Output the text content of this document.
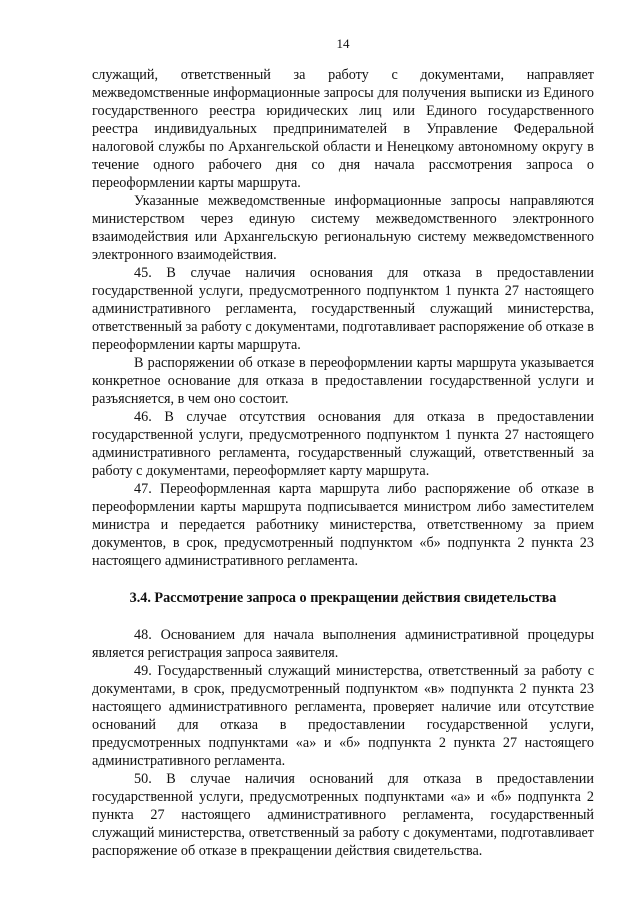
14

служащий, ответственный за работу с документами, направляет межведомственные информационные запросы для получения выписки из Единого государственного реестра юридических лиц или Единого государственного реестра индивидуальных предпринимателей в Управление Федеральной налоговой службы по Архангельской области и Ненецкому автономному округу в течение одного рабочего дня со дня начала рассмотрения запроса о переоформлении карты маршрута.

Указанные межведомственные информационные запросы направляются министерством через единую систему межведомственного электронного взаимодействия или Архангельскую региональную систему межведомственного электронного взаимодействия.

45. В случае наличия основания для отказа в предоставлении государственной услуги, предусмотренного подпунктом 1 пункта 27 настоящего административного регламента, государственный служащий министерства, ответственный за работу с документами, подготавливает распоряжение об отказе в переоформлении карты маршрута.

В распоряжении об отказе в переоформлении карты маршрута указывается конкретное основание для отказа в предоставлении государственной услуги и разъясняется, в чем оно состоит.

46. В случае отсутствия основания для отказа в предоставлении государственной услуги, предусмотренного подпунктом 1 пункта 27 настоящего административного регламента, государственный служащий, ответственный за работу с документами, переоформляет карту маршрута.

47. Переоформленная карта маршрута либо распоряжение об отказе в переоформлении карты маршрута подписывается министром либо заместителем министра и передается работнику министерства, ответственному за прием документов, в срок, предусмотренный подпунктом «б» подпункта 2 пункта 23 настоящего административного регламента.

3.4. Рассмотрение запроса о прекращении действия свидетельства

48. Основанием для начала выполнения административной процедуры является регистрация запроса заявителя.

49. Государственный служащий министерства, ответственный за работу с документами, в срок, предусмотренный подпунктом «в» подпункта 2 пункта 23 настоящего административного регламента, проверяет наличие или отсутствие оснований для отказа в предоставлении государственной услуги, предусмотренных подпунктами «а» и «б» подпункта 2 пункта 27 настоящего административного регламента.

50. В случае наличия оснований для отказа в предоставлении государственной услуги, предусмотренных подпунктами «а» и «б» подпункта 2 пункта 27 настоящего административного регламента, государственный служащий министерства, ответственный за работу с документами, подготавливает распоряжение об отказе в прекращении действия свидетельства.
